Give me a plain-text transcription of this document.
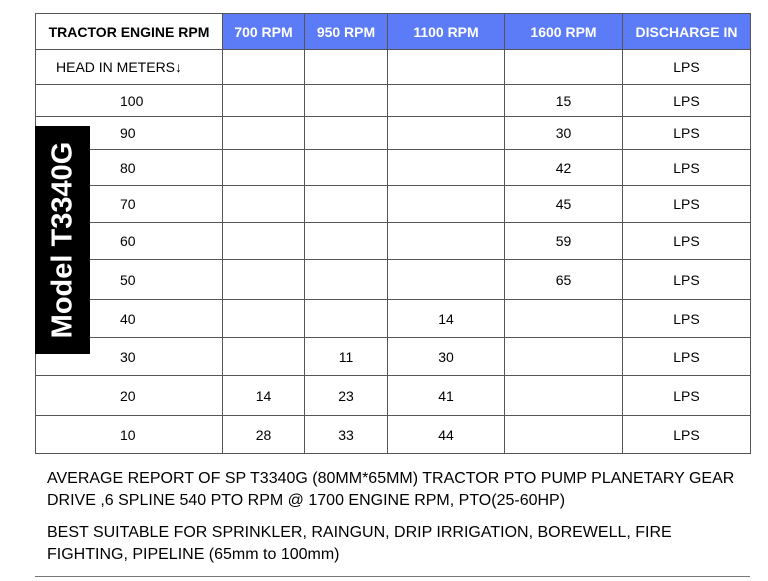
TRACTOR ENGINE RPM	700 RPM	950 RPM	1100 RPM	1600 RPM	DISCHARGE IN
HEAD IN METERS↓					LPS
100				15	LPS
90				30	LPS
80				42	LPS
70				45	LPS
60				59	LPS
50				65	LPS
40			14		LPS
30		11	30		LPS
20	14	23	41		LPS
10	28	33	44		LPS
Model T3340G

AVERAGE REPORT OF SP T3340G (80MM*65MM) TRACTOR PTO PUMP PLANETARY GEAR DRIVE ,6 SPLINE 540 PTO RPM @ 1700 ENGINE RPM, PTO(25-60HP)

BEST SUITABLE FOR SPRINKLER, RAINGUN, DRIP IRRIGATION, BOREWELL, FIRE FIGHTING, PIPELINE (65mm to 100mm)
